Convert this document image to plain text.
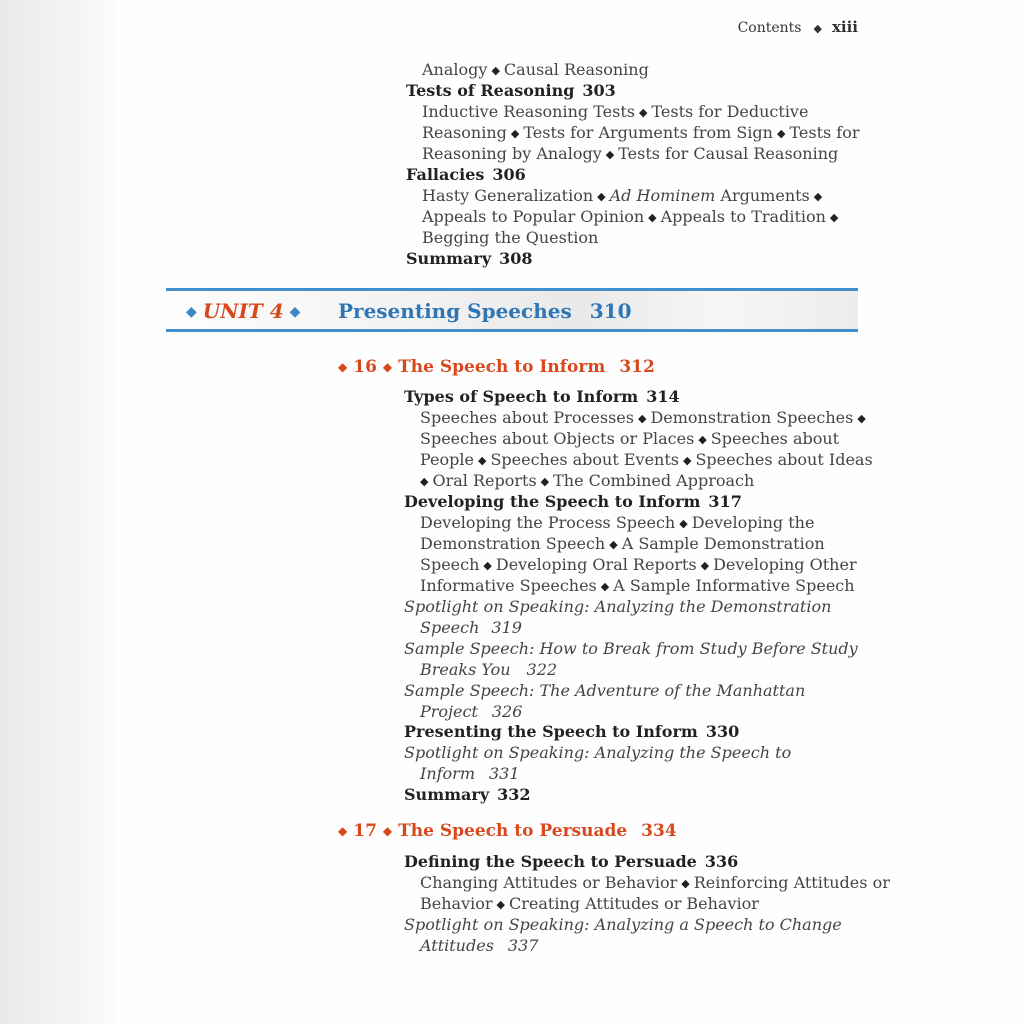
Contents ◆ xiii
Analogy ◆ Causal Reasoning
Tests of Reasoning 303
Inductive Reasoning Tests ◆ Tests for Deductive
Reasoning ◆ Tests for Arguments from Sign ◆ Tests for
Reasoning by Analogy ◆ Tests for Causal Reasoning
Fallacies 306
Hasty Generalization ◆ Ad Hominem Arguments ◆
Appeals to Popular Opinion ◆ Appeals to Tradition ◆
Begging the Question
Summary 308
◆ UNIT 4 ◆	Presenting Speeches 310
◆ 16 ◆ The Speech to Inform 312
Types of Speech to Inform 314
Speeches about Processes ◆ Demonstration Speeches ◆
Speeches about Objects or Places ◆ Speeches about
People ◆ Speeches about Events ◆ Speeches about Ideas
◆ Oral Reports ◆ The Combined Approach
Developing the Speech to Inform 317
Developing the Process Speech ◆ Developing the
Demonstration Speech ◆ A Sample Demonstration
Speech ◆ Developing Oral Reports ◆ Developing Other
Informative Speeches ◆ A Sample Informative Speech
Spotlight on Speaking: Analyzing the Demonstration
Speech 319
Sample Speech: How to Break from Study Before Study
Breaks You 322
Sample Speech: The Adventure of the Manhattan
Project 326
Presenting the Speech to Inform 330
Spotlight on Speaking: Analyzing the Speech to
Inform 331
Summary 332
◆ 17 ◆ The Speech to Persuade 334
Defining the Speech to Persuade 336
Changing Attitudes or Behavior ◆ Reinforcing Attitudes or
Behavior ◆ Creating Attitudes or Behavior
Spotlight on Speaking: Analyzing a Speech to Change
Attitudes 337
